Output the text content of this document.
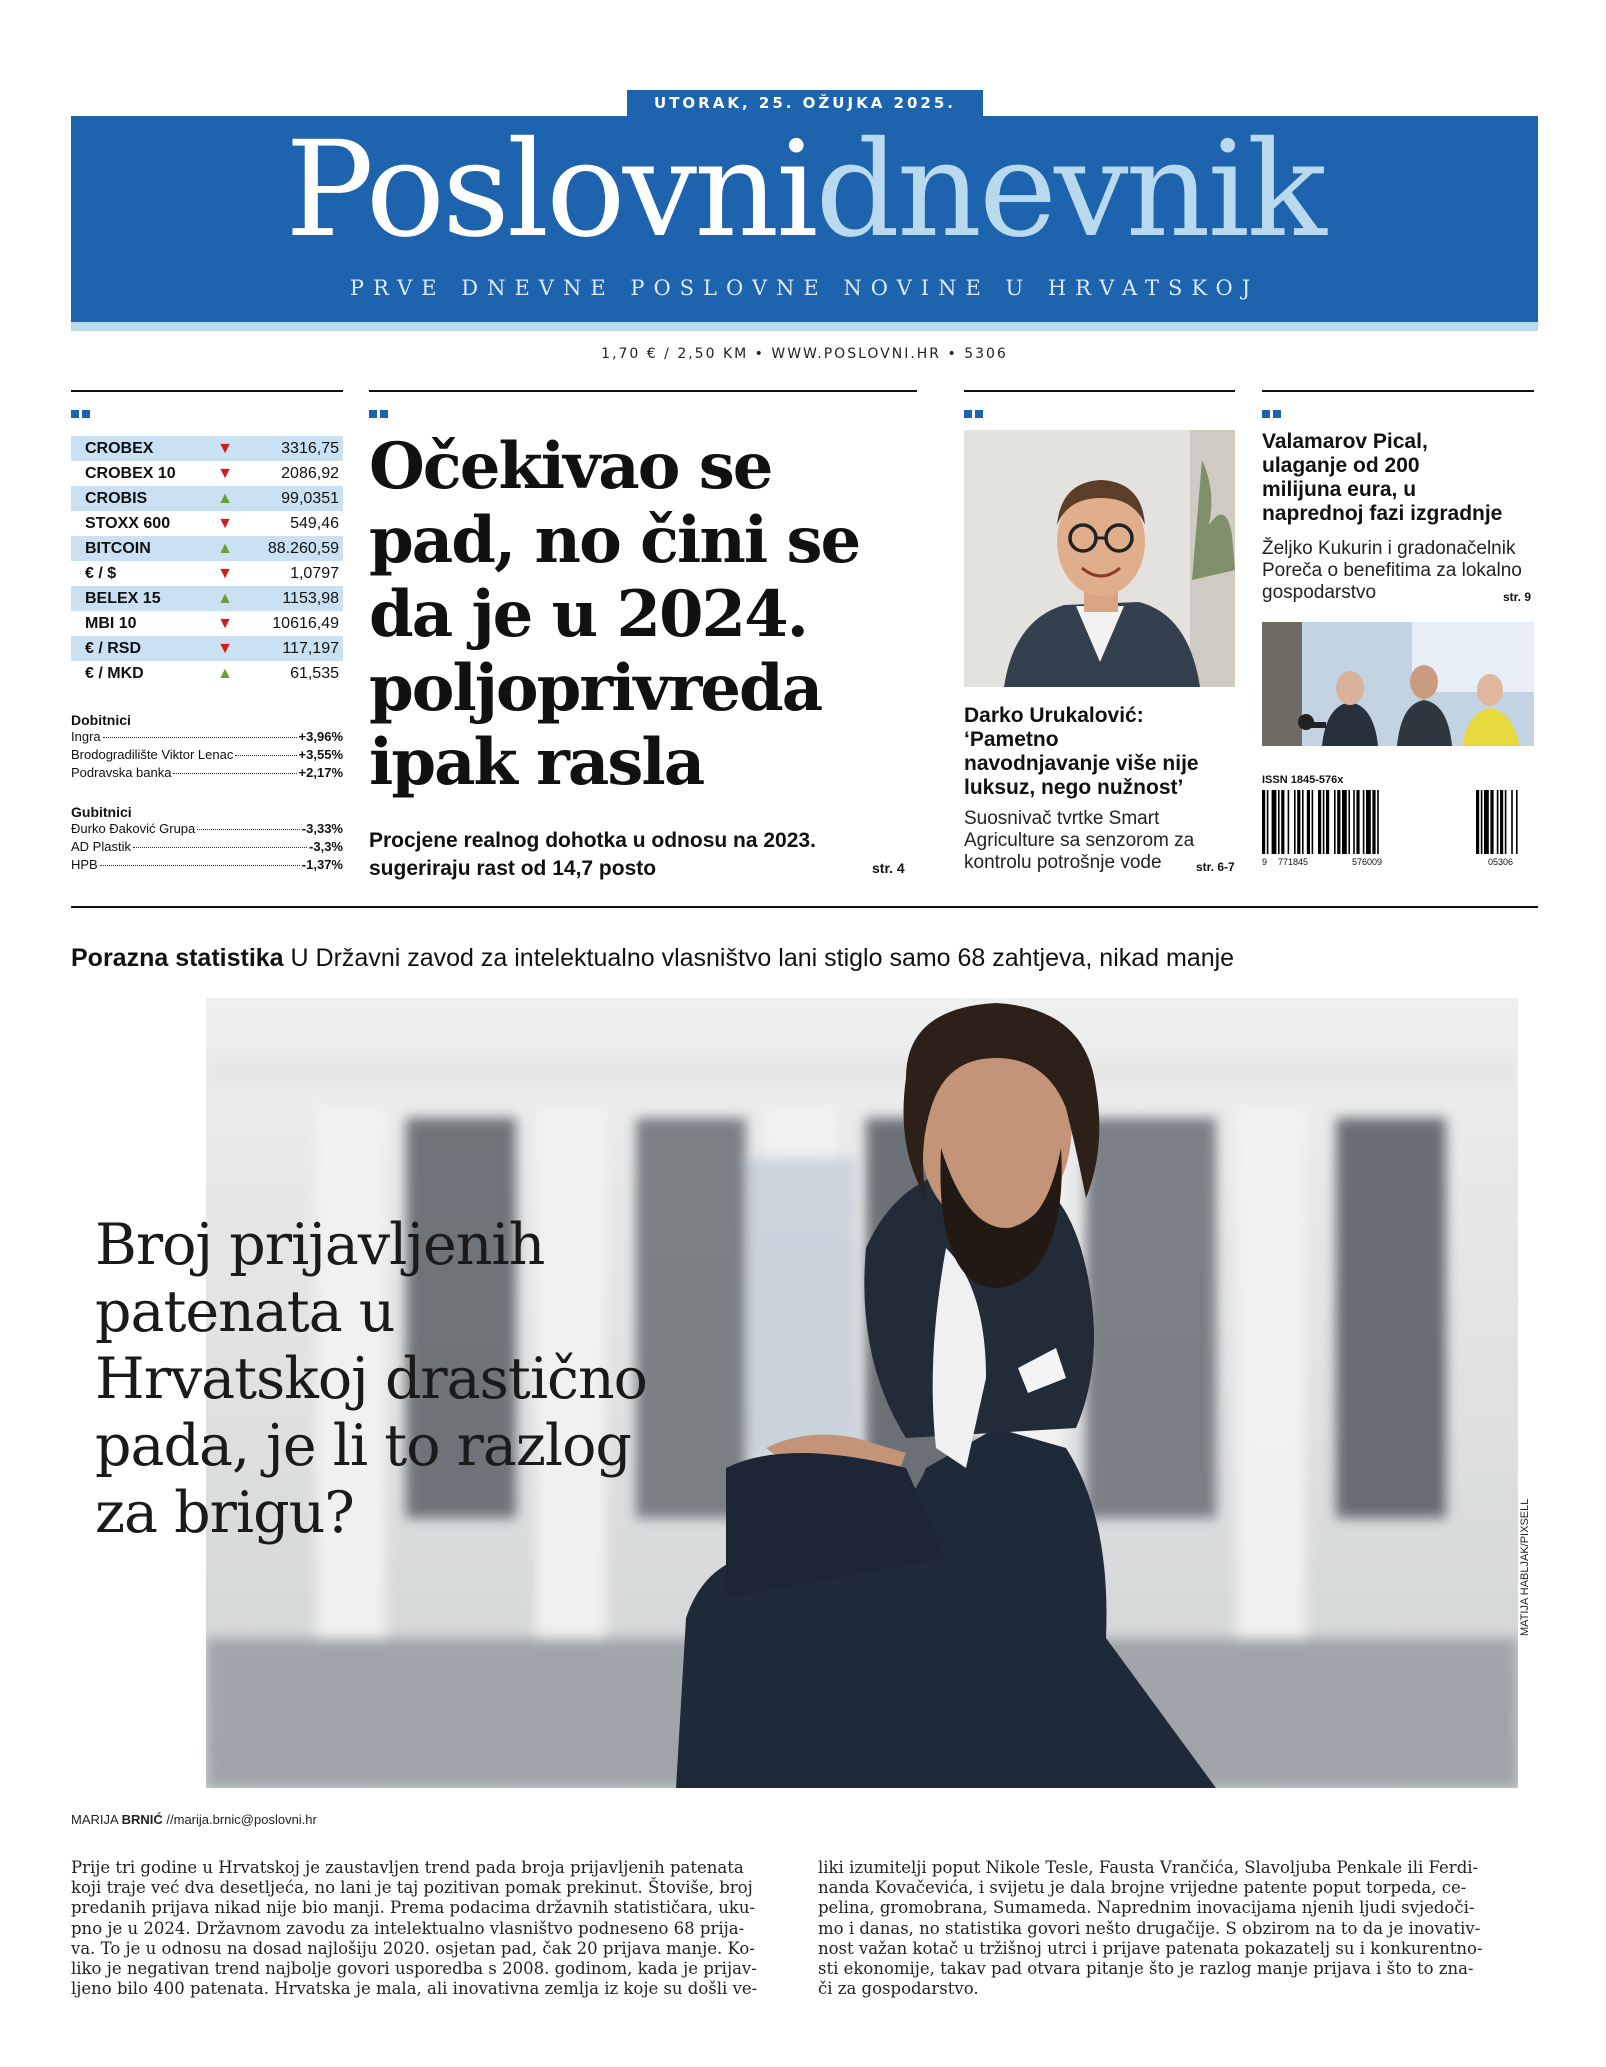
UTORAK, 25. OŽUJKA 2025.
Poslovnidnevnik
PRVE DNEVNE POSLOVNE NOVINE U HRVATSKOJ
1,70 € / 2,50 KM • WWW.POSLOVNI.HR • 5306
CROBEX	▼	3316,75
CROBEX 10	▼	2086,92
CROBIS	▲	99,0351
STOXX 600	▼	549,46
BITCOIN	▲	88.260,59
€ / $	▼	1,0797
BELEX 15	▲	1153,98
MBI 10	▼	10616,49
€ / RSD	▼	117,197
€ / MKD	▲	61,535
Dobitnici
Ingra	+3,96%
Brodogradilište Viktor Lenac	+3,55%
Podravska banka	+2,17%
Gubitnici
Đurko Đaković Grupa	-3,33%
AD Plastik	-3,3%
HPB	-1,37%
Očekivao se
pad, no čini se
da je u 2024.
poljoprivreda
ipak rasla
Procjene realnog dohotka u odnosu na 2023.
sugeriraju rast od 14,7 posto	str. 4
Darko Urukalović:
‘Pametno
navodnjavanje više nije
luksuz, nego nužnost’
Suosnivač tvrtke Smart
Agriculture sa senzorom za
kontrolu potrošnje vode	str. 6-7
Valamarov Pical,
ulaganje od 200
milijuna eura, u
naprednoj fazi izgradnje
Željko Kukurin i gradonačelnik
Poreča o benefitima za lokalno
gospodarstvo	str. 9
ISSN 1845-576x
9 771845	576009	05306
Porazna statistika U Državni zavod za intelektualno vlasništvo lani stiglo samo 68 zahtjeva, nikad manje
Broj prijavljenih
patenata u
Hrvatskoj drastično
pada, je li to razlog
za brigu?	MATIJA HABLJAK/PIXSELL
MARIJA BRNIĆ //marija.brnic@poslovni.hr
Prije tri godine u Hrvatskoj je zaustavljen trend pada broja prijavljenih patenata
koji traje već dva desetljeća, no lani je taj pozitivan pomak prekinut. Štoviše, broj
predanih prijava nikad nije bio manji. Prema podacima državnih statističara, uku-
pno je u 2024. Državnom zavodu za intelektualno vlasništvo podneseno 68 prija-
va. To je u odnosu na dosad najlošiju 2020. osjetan pad, čak 20 prijava manje. Ko-
liko je negativan trend najbolje govori usporedba s 2008. godinom, kada je prijav-
ljeno bilo 400 patenata. Hrvatska je mala, ali inovativna zemlja iz koje su došli ve-
liki izumitelji poput Nikole Tesle, Fausta Vrančića, Slavoljuba Penkale ili Ferdi-
nanda Kovačevića, i svijetu je dala brojne vrijedne patente poput torpeda, ce-
pelina, gromobrana, Sumameda. Naprednim inovacijama njenih ljudi svjedoči-
mo i danas, no statistika govori nešto drugačije. S obzirom na to da je inovativ-
nost važan kotač u tržišnoj utrci i prijave patenata pokazatelj su i konkurentno-
sti ekonomije, takav pad otvara pitanje što je razlog manje prijava i što to zna-
či za gospodarstvo.
